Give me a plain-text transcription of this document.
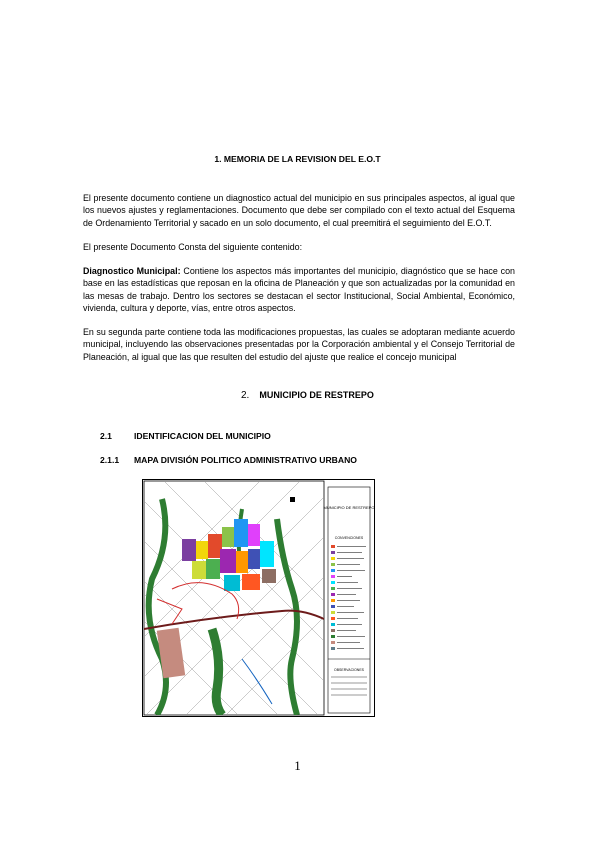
1. MEMORIA DE LA REVISION DEL E.O.T

El presente documento contiene un diagnostico actual del municipio en sus principales aspectos, al igual que los nuevos ajustes y reglamentaciones. Documento que debe ser compilado con el texto actual del Esquema de Ordenamiento Territorial y sacado en un solo documento, el cual preemitirá el seguimiento del E.O.T.

El presente Documento Consta del siguiente contenido:

Diagnostico Municipal: Contiene los aspectos más importantes del municipio, diagnóstico que se hace con base en las estadísticas que reposan en la oficina de Planeación y que son actualizadas por la comunidad en las mesas de trabajo. Dentro los sectores se destacan el sector Institucional, Social Ambiental, Económico, vivienda, cultura y deporte, vías, entre otros aspectos.

En su segunda parte contiene toda las modificaciones propuestas, las cuales se adoptaran mediante acuerdo municipal, incluyendo las observaciones presentadas por la Corporación ambiental y el Consejo Territorial de Planeación, al igual que las que resulten del estudio del ajuste que realice el concejo municipal

2. MUNICIPIO DE RESTREPO
2.1	IDENTIFICACION DEL MUNICIPIO
2.1.1 MAPA DIVISIÓN POLITICO ADMINISTRATIVO URBANO
MUNICIPIO DE RESTREPO
CONVENCIONES
OBSERVACIONES
1
